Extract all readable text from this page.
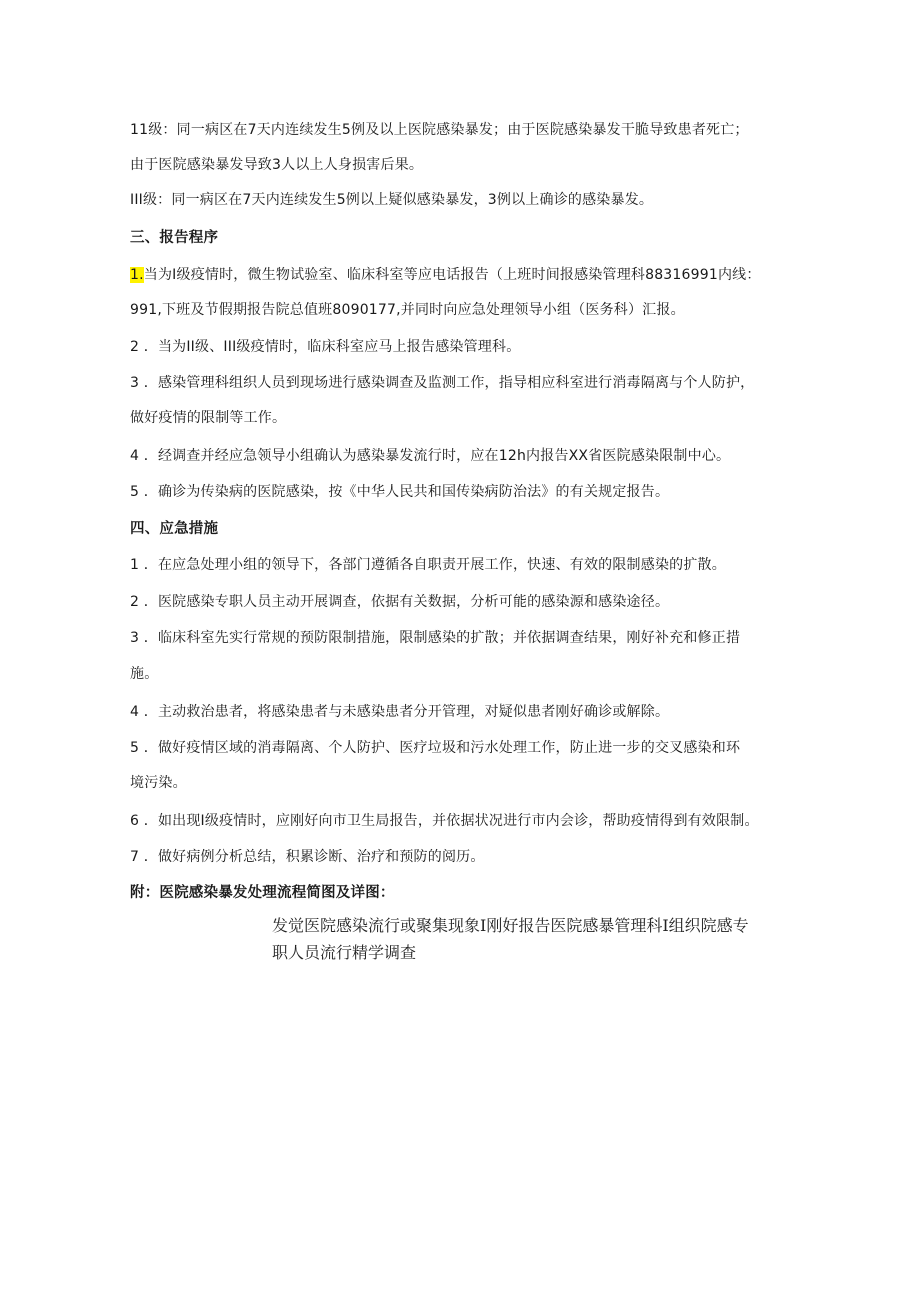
11级：同一病区在7天内连续发生5例及以上医院感染暴发；由于医院感染暴发干脆导致患者死亡；
由于医院感染暴发导致3人以上人身损害后果。
III级：同一病区在7天内连续发生5例以上疑似感染暴发，3例以上确诊的感染暴发。
三、报告程序
1.当为I级疫情时，微生物试验室、临床科室等应电话报告（上班时间报感染管理科88316991内线：
991,下班及节假期报告院总值班8090177,并同时向应急处理领导小组（医务科）汇报。
2 ．当为II级、III级疫情时，临床科室应马上报告感染管理科。
3 ．感染管理科组织人员到现场进行感染调查及监测工作，指导相应科室进行消毒隔离与个人防护，
做好疫情的限制等工作。
4 ．经调查并经应急领导小组确认为感染暴发流行时，应在12h内报告XX省医院感染限制中心。
5 ．确诊为传染病的医院感染，按《中华人民共和国传染病防治法》的有关规定报告。
四、应急措施
1 ．在应急处理小组的领导下，各部门遵循各自职责开展工作，快速、有效的限制感染的扩散。
2 ．医院感染专职人员主动开展调查，依据有关数据，分析可能的感染源和感染途径。
3 ．临床科室先实行常规的预防限制措施，限制感染的扩散；并依据调查结果，刚好补充和修正措
施。
4 ．主动救治患者，将感染患者与未感染患者分开管理，对疑似患者刚好确诊或解除。
5 ．做好疫情区域的消毒隔离、个人防护、医疗垃圾和污水处理工作，防止进一步的交叉感染和环
境污染。
6 ．如出现I级疫情时，应刚好向市卫生局报告，并依据状况进行市内会诊，帮助疫情得到有效限制。
7 ．做好病例分析总结，积累诊断、治疗和预防的阅历。
附：医院感染暴发处理流程简图及详图：
发觉医院感染流行或聚集现象I刚好报告医院感暴管理科I组织院感专
职人员流行精学调查
